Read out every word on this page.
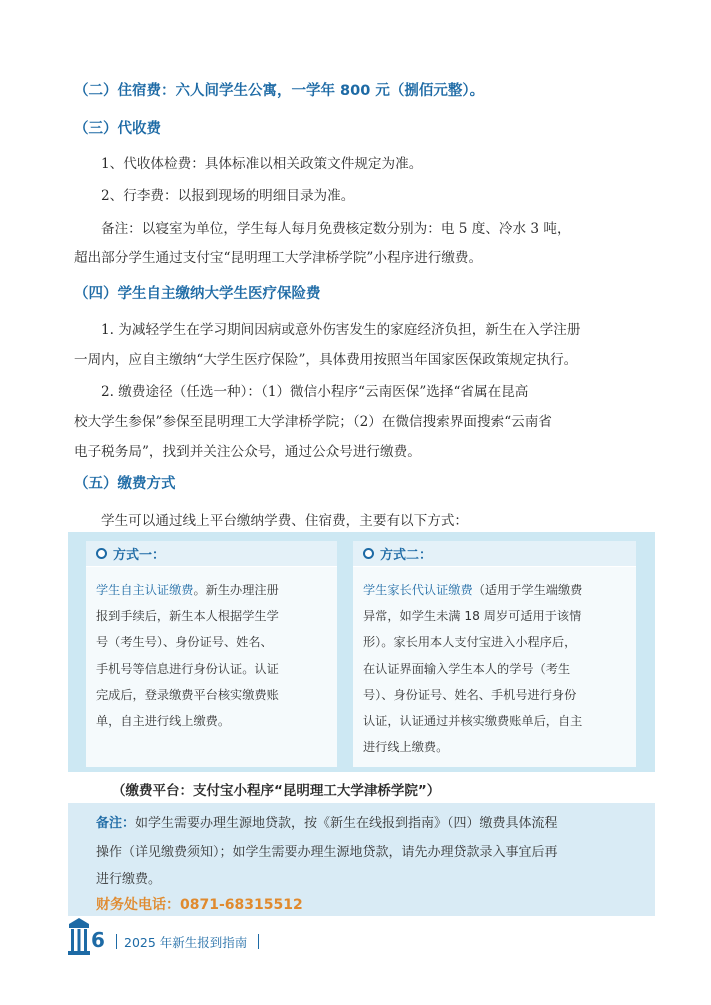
（二）住宿费：六人间学生公寓，一学年 800 元（捌佰元整）。
（三）代收费
1、代收体检费：具体标准以相关政策文件规定为准。
2、行李费：以报到现场的明细目录为准。
备注：以寝室为单位，学生每人每月免费核定数分别为：电 5 度、冷水 3 吨，
超出部分学生通过支付宝“昆明理工大学津桥学院”小程序进行缴费。
（四）学生自主缴纳大学生医疗保险费
1. 为减轻学生在学习期间因病或意外伤害发生的家庭经济负担，新生在入学注册
一周内，应自主缴纳“大学生医疗保险”，具体费用按照当年国家医保政策规定执行。
2. 缴费途径（任选一种）：（1）微信小程序“云南医保”选择“省属在昆高
校大学生参保”参保至昆明理工大学津桥学院；（2）在微信搜索界面搜索“云南省
电子税务局”，找到并关注公众号，通过公众号进行缴费。
（五）缴费方式
学生可以通过线上平台缴纳学费、住宿费，主要有以下方式：
方式一：
学生自主认证缴费。新生办理注册
报到手续后，新生本人根据学生学
号（考生号）、身份证号、姓名、
手机号等信息进行身份认证。认证
完成后，登录缴费平台核实缴费账
单，自主进行线上缴费。
方式二：
学生家长代认证缴费（适用于学生端缴费
异常，如学生未满 18 周岁可适用于该情
形）。家长用本人支付宝进入小程序后，
在认证界面输入学生本人的学号（考生
号）、身份证号、姓名、手机号进行身份
认证，认证通过并核实缴费账单后，自主
进行线上缴费。
（缴费平台：支付宝小程序“昆明理工大学津桥学院”）
备注：如学生需要办理生源地贷款，按《新生在线报到指南》（四）缴费具体流程
操作（详见缴费须知）；如学生需要办理生源地贷款，请先办理贷款录入事宜后再
进行缴费。
财务处电话：0871-68315512
6 2025 年新生报到指南
